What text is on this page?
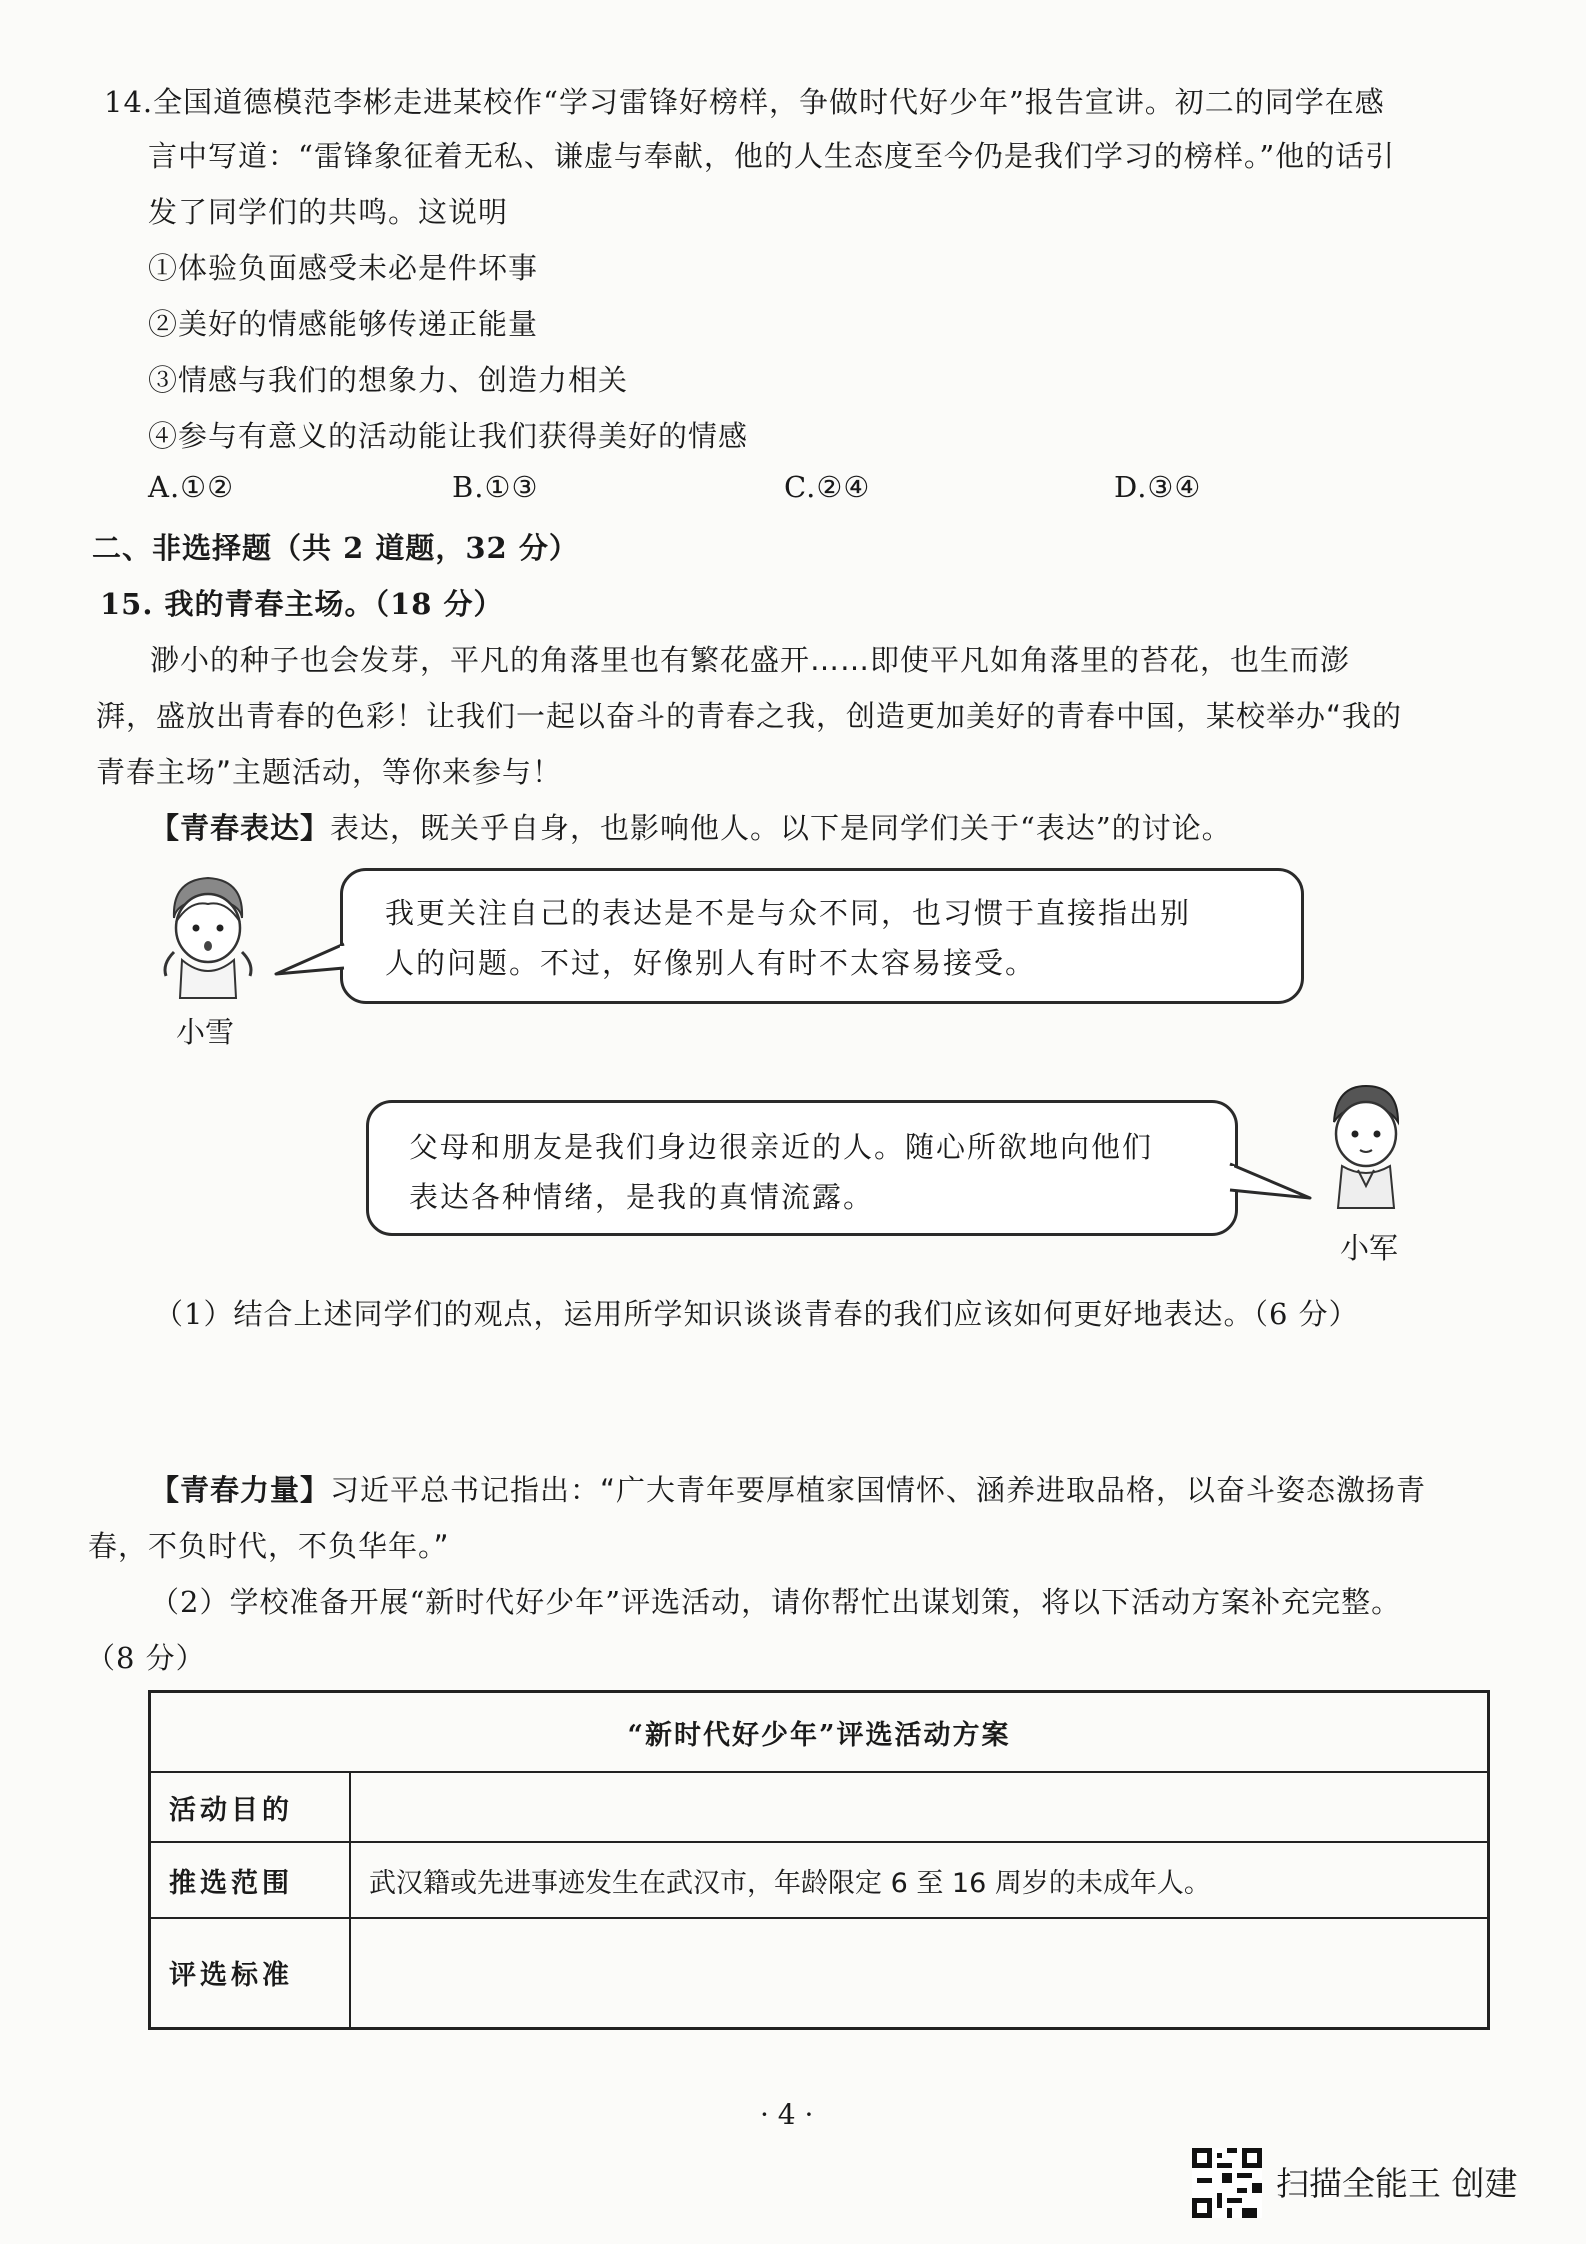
14.全国道德模范李彬走进某校作“学习雷锋好榜样，争做时代好少年”报告宣讲。初二的同学在感
言中写道：“雷锋象征着无私、谦虚与奉献，他的人生态度至今仍是我们学习的榜样。”他的话引
发了同学们的共鸣。这说明
①体验负面感受未必是件坏事
②美好的情感能够传递正能量
③情感与我们的想象力、创造力相关
④参与有意义的活动能让我们获得美好的情感
A.①②	B.①③	C.②④	D.③④
二、非选择题（共 2 道题，32 分）
15. 我的青春主场。（18 分）
渺小的种子也会发芽，平凡的角落里也有繁花盛开……即使平凡如角落里的苔花，也生而澎
湃，盛放出青春的色彩！让我们一起以奋斗的青春之我，创造更加美好的青春中国，某校举办“我的
青春主场”主题活动，等你来参与！
【青春表达】表达，既关乎自身，也影响他人。以下是同学们关于“表达”的讨论。
小雪
我更关注自己的表达是不是与众不同，也习惯于直接指出别
人的问题。不过，好像别人有时不太容易接受。
父母和朋友是我们身边很亲近的人。随心所欲地向他们
表达各种情绪，是我的真情流露。
小军
（1）结合上述同学们的观点，运用所学知识谈谈青春的我们应该如何更好地表达。（6 分）
【青春力量】习近平总书记指出：“广大青年要厚植家国情怀、涵养进取品格，以奋斗姿态激扬青
春，不负时代，不负华年。”
（2）学校准备开展“新时代好少年”评选活动，请你帮忙出谋划策，将以下活动方案补充完整。
（8 分）
“新时代好少年”评选活动方案	
活动目的	
推选范围	武汉籍或先进事迹发生在武汉市，年龄限定 6 至 16 周岁的未成年人。
评选标准	
· 4 ·
扫描全能王 创建
